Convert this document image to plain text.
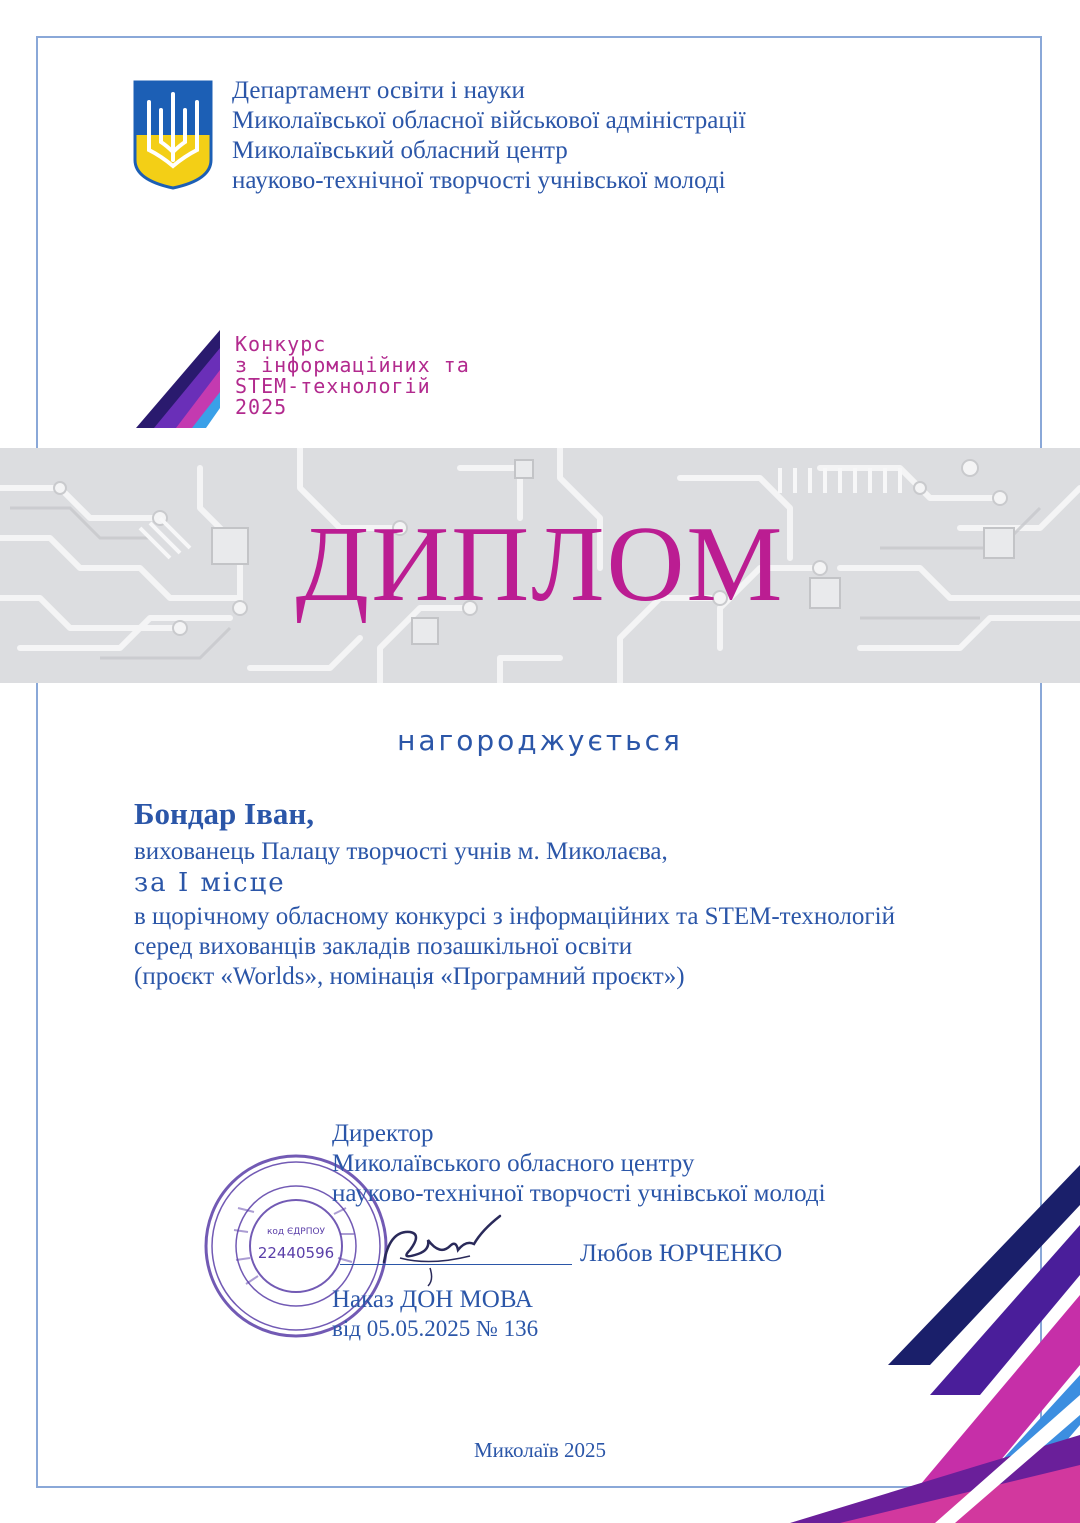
Департамент освіти і науки
Миколаївської обласної військової адміністрації
Миколаївський обласний центр
науково-технічної творчості учнівської молоді
Конкурс
з інформаційних та
STEM-технологій
2025
ДИПЛОМ
нагороджується
Бондар Іван,
вихованець Палацу творчості учнів м. Миколаєва,
за I місце
в щорічному обласному конкурсі з інформаційних та STEM-технологій
серед вихованців закладів позашкільної освіти
(проєкт «Worlds», номінація «Програмний проєкт»)
код ЄДРПОУ
22440596
Директор
Миколаївського обласного центру
науково-технічної творчості учнівської молоді
Любов ЮРЧЕНКО
Наказ ДОН МОВА
від 05.05.2025 № 136
Миколаїв 2025
